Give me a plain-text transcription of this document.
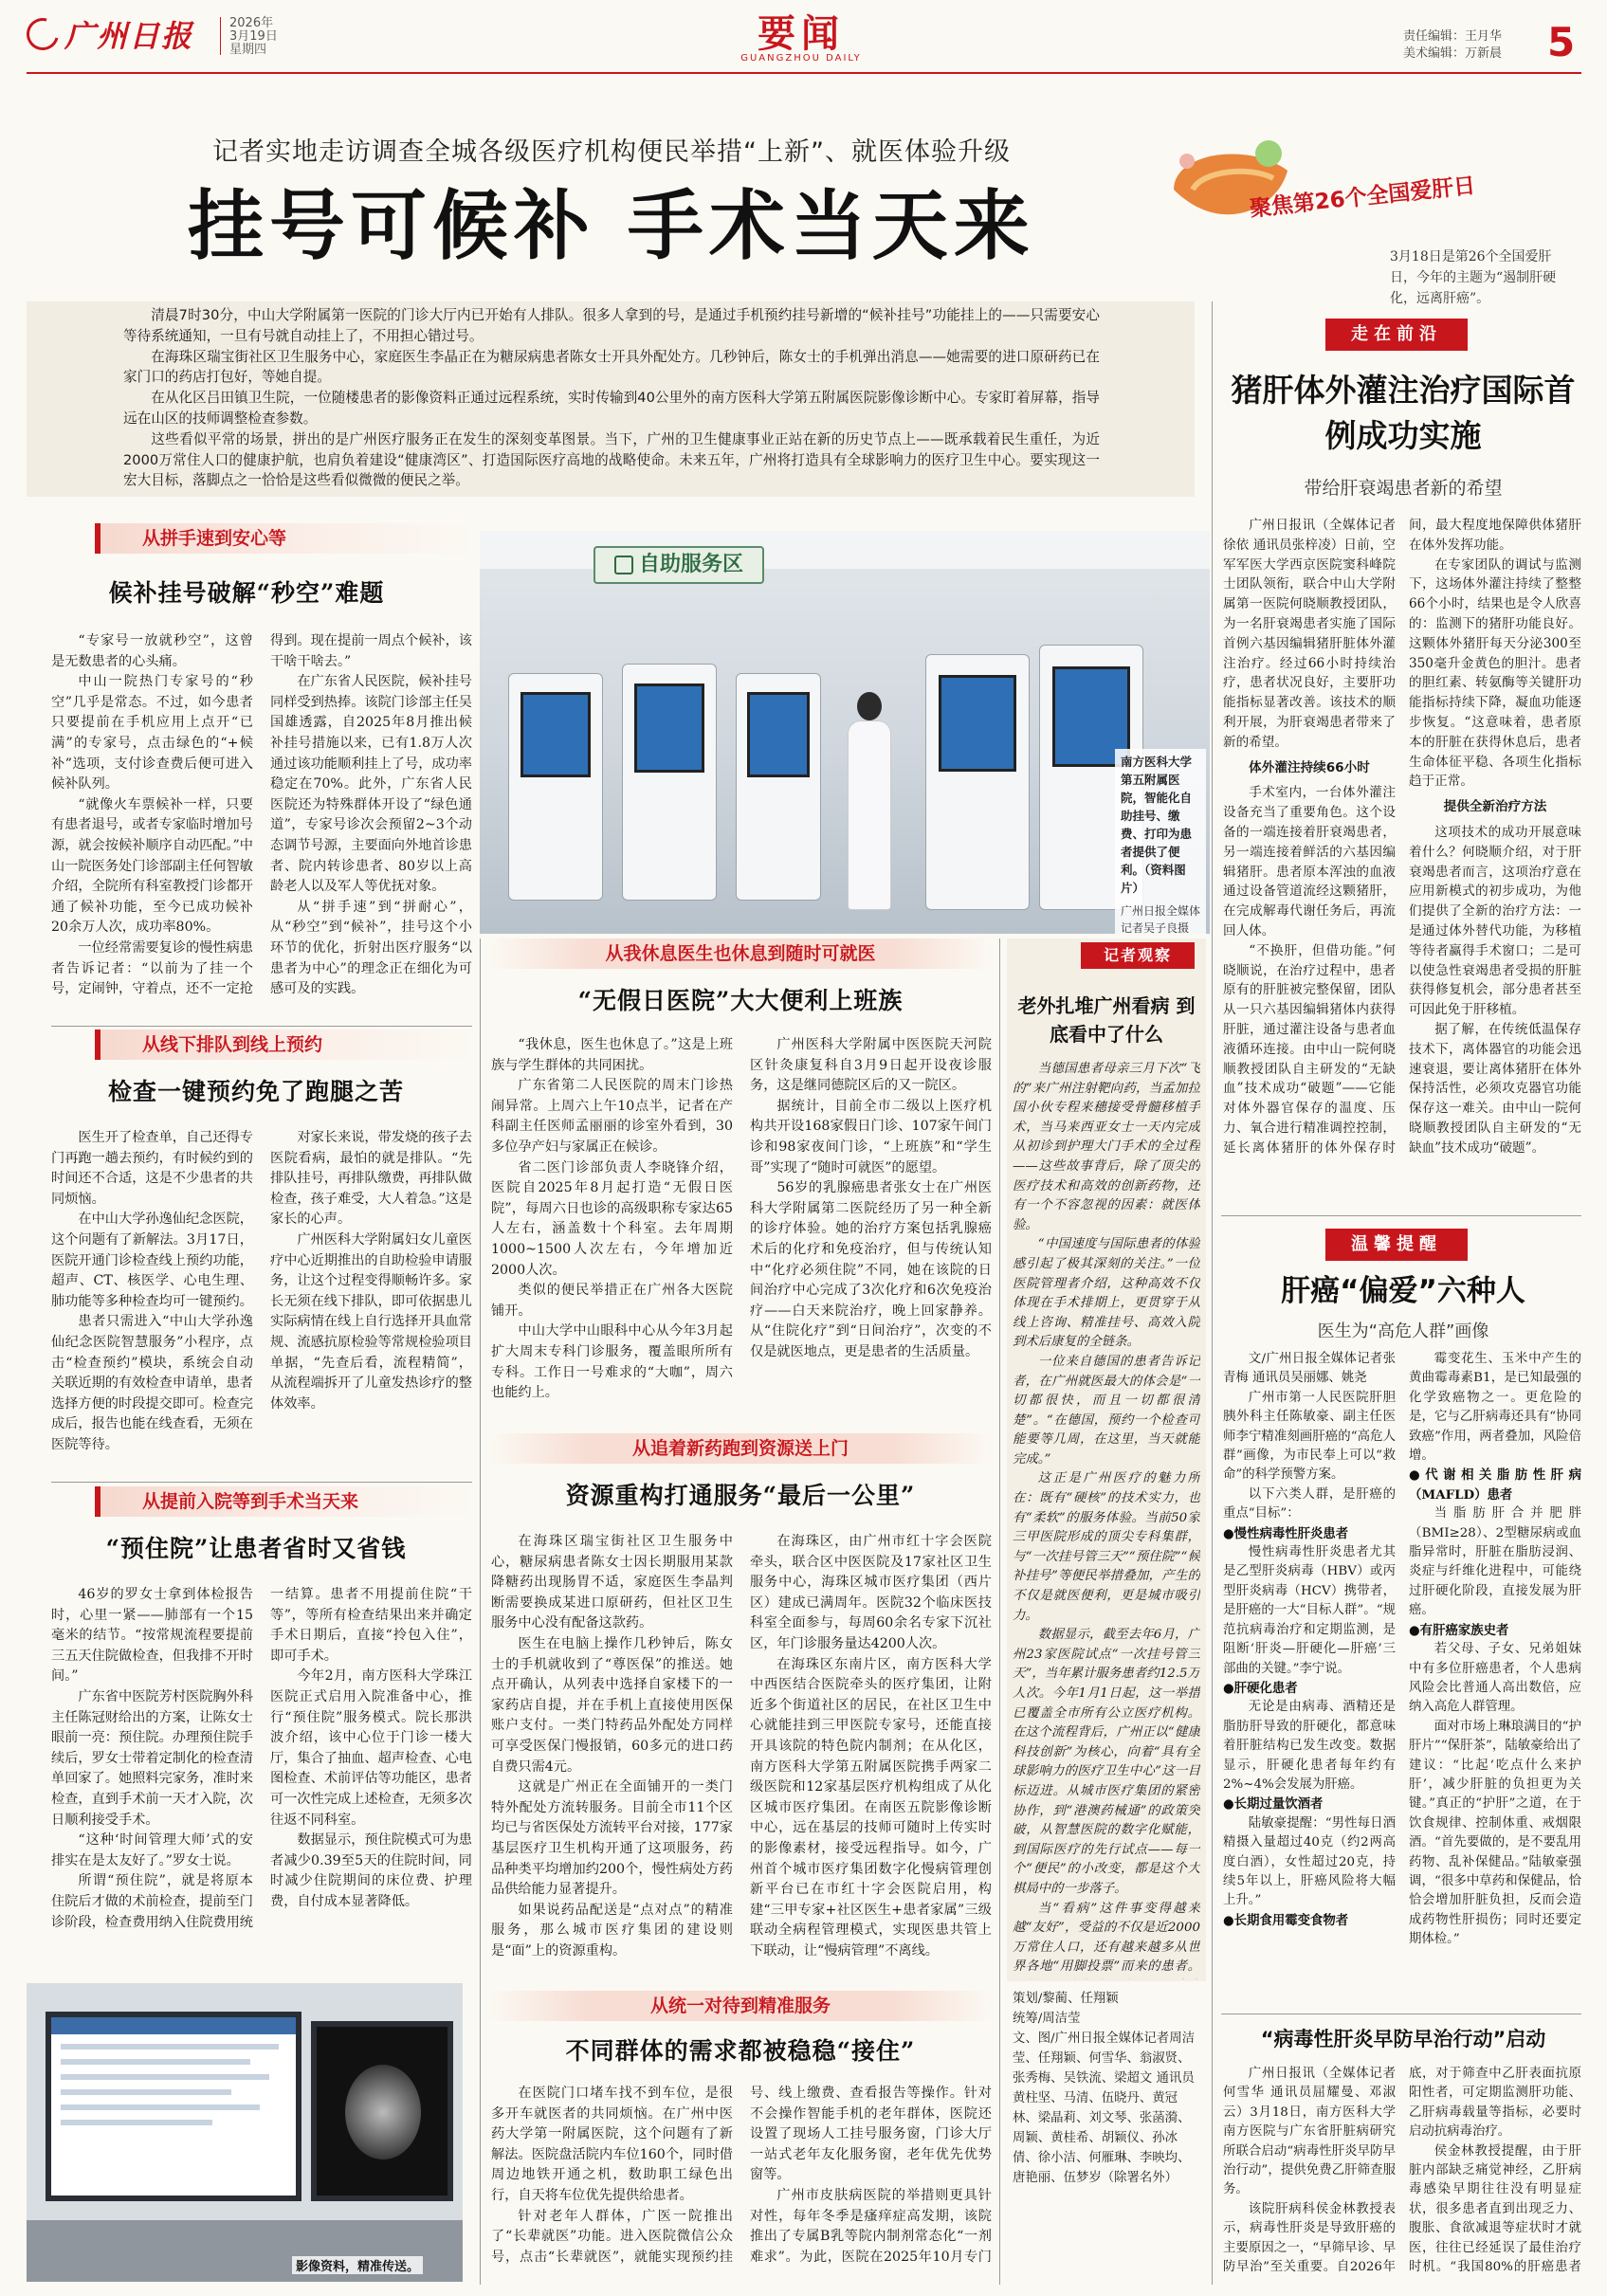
广州日报	2026年
3月19日
星期四	要闻
GUANGZHOU DAILY
责任编辑：王月华
美术编辑：万新晨 5
记者实地走访调查全城各级医疗机构便民举措“上新”、就医体验升级
挂号可候补 手术当天来	聚焦第26个全国爱肝日
3月18日是第26个全国爱肝日，今年的主题为“遏制肝硬化，远离肝癌”。

清晨7时30分，中山大学附属第一医院的门诊大厅内已开始有人排队。很多人拿到的号，是通过手机预约挂号新增的“候补挂号”功能挂上的——只需要安心等待系统通知，一旦有号就自动挂上了，不用担心错过号。

在海珠区瑞宝街社区卫生服务中心，家庭医生李晶正在为糖尿病患者陈女士开具外配处方。几秒钟后，陈女士的手机弹出消息——她需要的进口原研药已在家门口的药店打包好，等她自提。

在从化区吕田镇卫生院，一位随楼患者的影像资料正通过远程系统，实时传输到40公里外的南方医科大学第五附属医院影像诊断中心。专家盯着屏幕，指导远在山区的技师调整检查参数。

这些看似平常的场景，拼出的是广州医疗服务正在发生的深刻变革图景。当下，广州的卫生健康事业正站在新的历史节点上——既承载着民生重任，为近2000万常住人口的健康护航，也肩负着建设“健康湾区”、打造国际医疗高地的战略使命。未来五年，广州将打造具有全球影响力的医疗卫生中心。要实现这一宏大目标，落脚点之一恰恰是这些看似微微的便民之举。

从拼手速到安心等
候补挂号破解“秒空”难题

“专家号一放就秒空”，这曾是无数患者的心头痛。

中山一院热门专家号的“秒空”几乎是常态。不过，如今患者只要提前在手机应用上点开“已满”的专家号，点击绿色的“+候补”选项，支付诊查费后便可进入候补队列。

“就像火车票候补一样，只要有患者退号，或者专家临时增加号源，就会按候补顺序自动匹配。”中山一院医务处门诊部副主任何智敏介绍，全院所有科室教授门诊都开通了候补功能，至今已成功候补20余万人次，成功率80%。

一位经常需要复诊的慢性病患者告诉记者：“以前为了挂一个号，定闹钟，守着点，还不一定抢得到。现在提前一周点个候补，该干啥干啥去。”

在广东省人民医院，候补挂号同样受到热捧。该院门诊部主任吴国雄透露，自2025年8月推出候补挂号措施以来，已有1.8万人次通过该功能顺利挂上了号，成功率稳定在70%。此外，广东省人民医院还为特殊群体开设了“绿色通道”，专家号诊次会预留2~3个动态调节号源，主要面向外地首诊患者、院内转诊患者、80岁以上高龄老人以及军人等优抚对象。

从“拼手速”到“拼耐心”，从“秒空”到“候补”，挂号这个小环节的优化，折射出医疗服务“以患者为中心”的理念正在细化为可感可及的实践。

自助服务区
南方医科大学第五附属医院，智能化自助挂号、缴费、打印为患者提供了便利。（资料图片）
广州日报全媒体记者吴子良摄
从线下排队到线上预约
检查一键预约免了跑腿之苦

医生开了检查单，自己还得专门再跑一趟去预约，有时候约到的时间还不合适，这是不少患者的共同烦恼。

在中山大学孙逸仙纪念医院，这个问题有了新解法。3月17日，医院开通门诊检查线上预约功能，超声、CT、核医学、心电生理、肺功能等多种检查均可一键预约。

患者只需进入“中山大学孙逸仙纪念医院智慧服务”小程序，点击“检查预约”模块，系统会自动关联近期的有效检查申请单，患者选择方便的时段提交即可。检查完成后，报告也能在线查看，无须在医院等待。

对家长来说，带发烧的孩子去医院看病，最怕的就是排队。“先排队挂号，再排队缴费，再排队做检查，孩子难受，大人着急。”这是家长的心声。

广州医科大学附属妇女儿童医疗中心近期推出的自助检验申请服务，让这个过程变得顺畅许多。家长无须在线下排队，即可依据患儿实际病情在线上自行选择开具血常规、流感抗原检验等常规检验项目单据，“先查后看，流程精简”，从流程端拆开了儿童发热诊疗的整体效率。

从提前入院等到手术当天来
“预住院”让患者省时又省钱

46岁的罗女士拿到体检报告时，心里一紧——肺部有一个15毫米的结节。“按常规流程要提前三五天住院做检查，但我排不开时间。”

广东省中医院芳村医院胸外科主任陈冠财给出的方案，让陈女士眼前一亮：预住院。办理预住院手续后，罗女士带着定制化的检查清单回家了。她照料完家务，准时来检查，直到手术前一天才入院，次日顺利接受手术。

“这种‘时间管理大师’式的安排实在是太友好了。”罗女士说。

所谓“预住院”，就是将原本住院后才做的术前检查，提前至门诊阶段，检查费用纳入住院费用统一结算。患者不用提前住院“干等”，等所有检查结果出来并确定手术日期后，直接“拎包入住”，即可手术。

今年2月，南方医科大学珠江医院正式启用入院准备中心，推行“预住院”服务模式。院长那洪波介绍，该中心位于门诊一楼大厅，集合了抽血、超声检查、心电图检查、术前评估等功能区，患者可一次性完成上述检查，无须多次往返不同科室。

数据显示，预住院模式可为患者减少0.39至5天的住院时间，同时减少住院期间的床位费、护理费，自付成本显著降低。

影像资料，精准传送。
从我休息医生也休息到随时可就医
“无假日医院”大大便利上班族

“我休息，医生也休息了。”这是上班族与学生群体的共同困扰。

广东省第二人民医院的周末门诊热闹异常。上周六上午10点半，记者在产科副主任医师孟丽丽的诊室外看到，30多位孕产妇与家属正在候诊。

省二医门诊部负责人李晓锋介绍，医院自2025年8月起打造“无假日医院”，每周六日也诊的高级职称专家达65人左右，涵盖数十个科室。去年周期1000~1500人次左右，今年增加近2000人次。

类似的便民举措正在广州各大医院铺开。

中山大学中山眼科中心从今年3月起扩大周末专科门诊服务，覆盖眼所所有专科。工作日一号难求的“大咖”，周六也能约上。

广州医科大学附属中医医院天河院区针灸康复科自3月9日起开设夜诊服务，这是继同德院区后的又一院区。

据统计，目前全市二级以上医疗机构共开设168家假日门诊、107家午间门诊和98家夜间门诊，“上班族”和“学生哥”实现了“随时可就医”的愿望。

56岁的乳腺癌患者张女士在广州医科大学附属第二医院经历了另一种全新的诊疗体验。她的治疗方案包括乳腺癌术后的化疗和免疫治疗，但与传统认知中“化疗必须住院”不同，她在该院的日间治疗中心完成了3次化疗和6次免疫治疗——白天来院治疗，晚上回家静养。从“住院化疗”到“日间治疗”，次变的不仅是就医地点，更是患者的生活质量。

从追着新药跑到资源送上门
资源重构打通服务“最后一公里”

在海珠区瑞宝街社区卫生服务中心，糖尿病患者陈女士因长期服用某款降糖药出现肠胃不适，家庭医生李晶判断需要换成某进口原研药，但社区卫生服务中心没有配备这款药。

医生在电脑上操作几秒钟后，陈女士的手机就收到了“尊医保”的推送。她点开确认，从列表中选择自家楼下的一家药店自提，并在手机上直接使用医保账户支付。一类门特药品外配处方同样可享受医保门慢报销，60多元的进口药自费只需4元。

这就是广州正在全面铺开的一类门特外配处方流转服务。目前全市11个区均已与省医保处方流转平台对接，177家基层医疗卫生机构开通了这项服务，药品种类平均增加约200个，慢性病处方药品供给能力显著提升。

如果说药品配送是“点对点”的精准服务，那么城市医疗集团的建设则是“面”上的资源重构。

在海珠区，由广州市红十字会医院牵头，联合区中医医院及17家社区卫生服务中心，海珠区城市医疗集团（西片区）建成已满周年。医院32个临床医技科室全面参与，每周60余名专家下沉社区，年门诊服务量达4200人次。

在海珠区东南片区，南方医科大学中西医结合医院牵头的医疗集团，让附近多个街道社区的居民，在社区卫生中心就能挂到三甲医院专家号，还能直接开具该院的特色院内制剂；在从化区，南方医科大学第五附属医院携手两家二级医院和12家基层医疗机构组成了从化区城市医疗集团。在南医五院影像诊断中心，远在基层的技师可随时上传实时的影像素材，接受远程指导。如今，广州首个城市医疗集团数字化慢病管理创新平台已在市红十字会医院启用，构建“三甲专家+社区医生+患者家属”三级联动全病程管理模式，实现医患共管上下联动，让“慢病管理”不离线。

从统一对待到精准服务
不同群体的需求都被稳稳“接住”

在医院门口堵车找不到车位，是很多开车就医者的共同烦恼。在广州中医药大学第一附属医院，这个问题有了新解法。医院盘活院内车位160个，同时借周边地铁开通之机，数助职工绿色出行，自天将车位优先提供给患者。

针对老年人群体，广医一院推出了“长辈就医”功能。进入医院微信公众号，点击“长辈就医”，就能实现预约挂号、线上缴费、查看报告等操作。针对不会操作智能手机的老年群体，医院还设置了现场人工挂号服务窗，门诊大厅一站式老年友化服务窗，老年优先优势窗等。

广州市皮肤病医院的举措则更具针对性，每年冬季是瘙痒症高发期，该院推出了专属B乳等院内制剂常态化“一剂难求”。为此，医院在2025年10月专门

记者观察
老外扎堆广州看病 到底看中了什么

当德国患者母亲三月下次“飞的”来广州注射靶向药，当孟加拉国小伙专程来穗接受骨髓移植手术，当马来西亚女士一天内完成从初诊到护理大门手术的全过程——这些故事背后，除了顶尖的医疗技术和高效的创新药物，还有一个不容忽视的因素：就医体验。

“中国速度与国际患者的体验感引起了极其深刻的关注。”一位医院管理者介绍，这种高效不仅体现在手术排期上，更贯穿于从线上咨询、精准挂号、高效入院到术后康复的全链条。

一位来自德国的患者告诉记者，在广州就医最大的体会是“一切都很快，而且一切都很清楚”。“在德国，预约一个检查可能要等几周，在这里，当天就能完成。”

这正是广州医疗的魅力所在：既有“硬核”的技术实力，也有“柔软”的服务体验。当前50家三甲医院形成的顶尖专科集群，与“一次挂号管三天”“预住院”“候补挂号”等便民举措叠加，产生的不仅是就医便利，更是城市吸引力。

数据显示，截至去年6月，广州23家医院试点“一次挂号管三天”，当年累计服务患者约12.5万人次。今年1月1日起，这一举措已覆盖全市所有公立医疗机构。在这个流程背后，广州正以“健康科技创新”为核心，向着“具有全球影响力的医疗卫生中心”这一目标迈进。从城市医疗集团的紧密协作，到“港澳药械通”的政策突破，从智慧医院的数字化赋能，到国际医疗的先行试点——每一个“便民”的小改变，都是这个大棋局中的一步落子。

当“看病”这件事变得越来越“友好”，受益的不仅是近2000万常住人口，还有越来越多从世界各地“用脚投票”而来的患者。

策划/黎蔺、任翔颖
统筹/周洁莹
文、图/广州日报全媒体记者周洁莹、任翔颖、何雪华、翁淑贤、张秀梅、吴铁流、梁超文 通讯员黄柱坚、马清、伍晓丹、黄冠林、梁晶莉、刘文琴、张菡漪、周颖、黄桂希、胡颖仪、孙冰倩、徐小洁、何雁琳、李映均、唐艳丽、伍梦岁（除署名外）
走在前沿
猪肝体外灌注治疗国际首例成功实施
带给肝衰竭患者新的希望

广州日报讯（全媒体记者徐依 通讯员张梓凌）日前，空军军医大学西京医院窦科峰院士团队领衔，联合中山大学附属第一医院何晓顺教授团队，为一名肝衰竭患者实施了国际首例六基因编辑猪肝脏体外灌注治疗。经过66小时持续治疗，患者状况良好，主要肝功能指标显著改善。该技术的顺利开展，为肝衰竭患者带来了新的希望。

体外灌注持续66小时

手术室内，一台体外灌注设备充当了重要角色。这个设备的一端连接着肝衰竭患者，另一端连接着鲜活的六基因编辑猪肝。患者原本浑浊的血液通过设备管道流经这颗猪肝，在完成解毒代谢任务后，再流回人体。

“不换肝，但借功能。”何晓顺说，在治疗过程中，患者原有的肝脏被完整保留，团队从一只六基因编辑猪体内获得肝脏，通过灌注设备与患者血液循环连接。由中山一院何晓顺教授团队自主研发的“无缺血”技术成功“破题”——它能对体外器官保存的温度、压力、氧合进行精准调控控制，延长离体猪肝的体外保存时间，最大程度地保障供体猪肝在体外发挥功能。

在专家团队的调试与监测下，这场体外灌注持续了整整66个小时，结果也是令人欣喜的：监测下的猪肝功能良好。这颗体外猪肝每天分泌300至350毫升金黄色的胆汁。患者的胆红素、转氨酶等关键肝功能指标持续下降，凝血功能逐步恢复。“这意味着，患者原本的肝脏在获得休息后，患者生命体征平稳、各项生化指标趋于正常。

提供全新治疗方法

这项技术的成功开展意味着什么？何晓顺介绍，对于肝衰竭患者而言，这项治疗意在应用新模式的初步成功，为他们提供了全新的治疗方法：一是通过体外替代功能，为移植等待者赢得手术窗口；二是可以使急性衰竭患者受损的肝脏获得修复机会，部分患者甚至可因此免于肝移植。

据了解，在传统低温保存技术下，离体器官的功能会迅速衰退，要让离体猪肝在体外保持活性，必须攻克器官功能保存这一难关。由中山一院何晓顺教授团队自主研发的“无缺血”技术成功“破题”。

温馨提醒
肝癌“偏爱”六种人
医生为“高危人群”画像

文/广州日报全媒体记者张青梅 通讯员吴丽娜、姚尧

广州市第一人民医院肝胆胰外科主任陈敏豪、副主任医师李宁精准刻画肝癌的“高危人群”画像，为市民奉上可以“救命”的科学预警方案。

以下六类人群，是肝癌的重点“目标”：

●慢性病毒性肝炎患者

慢性病毒性肝炎患者尤其是乙型肝炎病毒（HBV）或丙型肝炎病毒（HCV）携带者，是肝癌的一大“目标人群”。“规范抗病毒治疗和定期监测，是阻断‘肝炎—肝硬化—肝癌’三部曲的关键。”李宁说。

●肝硬化患者

无论是由病毒、酒精还是脂肪肝导致的肝硬化，都意味着肝脏结构已发生改变。数据显示，肝硬化患者每年约有2%~4%会发展为肝癌。

●长期过量饮酒者

陆敏豪提醒：“男性每日酒精摄入量超过40克（约2两高度白酒），女性超过20克，持续5年以上，肝癌风险将大幅上升。”

●长期食用霉变食物者

霉变花生、玉米中产生的黄曲霉毒素B1，是已知最强的化学致癌物之一。更危险的是，它与乙肝病毒还具有“协同致癌”作用，两者叠加，风险倍增。

●代谢相关脂肪性肝病（MAFLD）患者

当脂肪肝合并肥胖（BMI≥28）、2型糖尿病或血脂异常时，肝脏在脂肪浸润、炎症与纤维化进程中，可能绕过肝硬化阶段，直接发展为肝癌。

●有肝癌家族史者

若父母、子女、兄弟姐妹中有多位肝癌患者，个人患病风险会比普通人高出数倍，应纳入高危人群管理。

面对市场上琳琅满目的“护肝片”“保肝茶”，陆敏豪给出了建议：“比起‘吃点什么来护肝’，减少肝脏的负担更为关键。”真正的“护肝”之道，在于饮食规律、控制体重、戒烟限酒。“首先要做的，是不要乱用药物、乱补保健品。”陆敏豪强调，“很多中草药和保健品，恰恰会增加肝脏负担，反而会造成药物性肝损伤；同时还要定期体检。”

“病毒性肝炎早防早治行动”启动

广州日报讯（全媒体记者何雪华 通讯员屈耀曼、邓淑云）3月18日，南方医科大学南方医院与广东省肝脏病研究所联合启动“病毒性肝炎早防早治行动”，提供免费乙肝筛查服务。

该院肝病科侯金林教授表示，病毒性肝炎是导致肝癌的主要原因之一，“早筛早诊、早防早治”至关重要。自2026年底，对于筛查中乙肝表面抗原阳性者，可定期监测肝功能、乙肝病毒载量等指标，必要时启动抗病毒治疗。

侯金林教授提醒，由于肝脏内部缺乏痛觉神经，乙肝病毒感染早期往往没有明显症状，很多患者直到出现乏力、腹胀、食欲减退等症状时才就医，往往已经延误了最佳治疗时机。“我国80%的肝癌患者
